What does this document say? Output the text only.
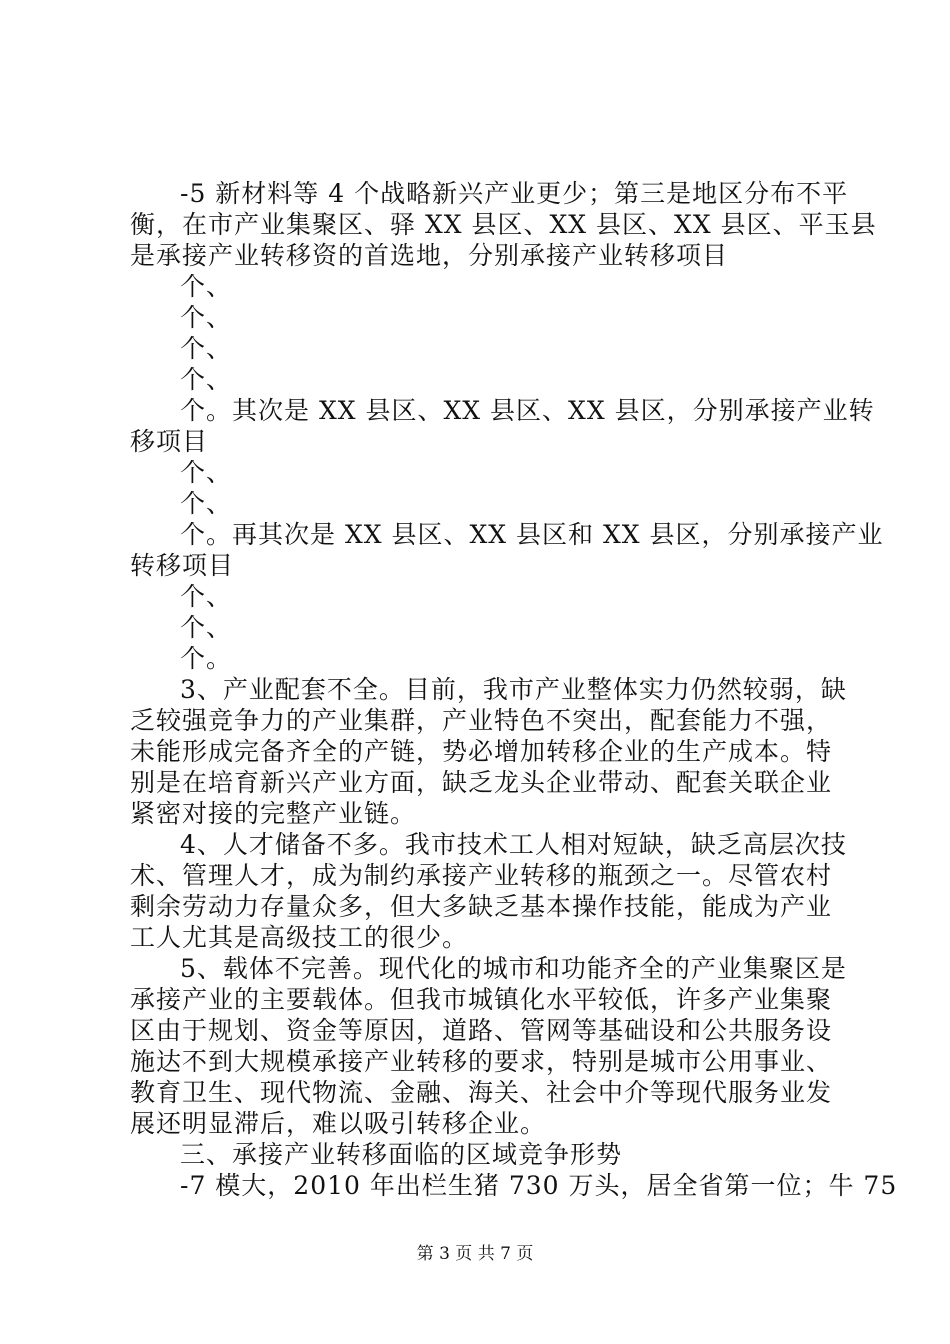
-5 新材料等 4 个战略新兴产业更少；第三是地区分布不平
衡，在市产业集聚区、驿 XX 县区、XX 县区、XX 县区、平玉县
是承接产业转移资的首选地，分别承接产业转移项目
个、
个、
个、
个、
个。其次是 XX 县区、XX 县区、XX 县区，分别承接产业转
移项目
个、
个、
个。再其次是 XX 县区、XX 县区和 XX 县区，分别承接产业
转移项目
个、
个、
个。
3、产业配套不全。目前，我市产业整体实力仍然较弱，缺
乏较强竞争力的产业集群，产业特色不突出，配套能力不强，
未能形成完备齐全的产链，势必增加转移企业的生产成本。特
别是在培育新兴产业方面，缺乏龙头企业带动、配套关联企业
紧密对接的完整产业链。
4、人才储备不多。我市技术工人相对短缺，缺乏高层次技
术、管理人才，成为制约承接产业转移的瓶颈之一。尽管农村
剩余劳动力存量众多，但大多缺乏基本操作技能，能成为产业
工人尤其是高级技工的很少。
5、载体不完善。现代化的城市和功能齐全的产业集聚区是
承接产业的主要载体。但我市城镇化水平较低，许多产业集聚
区由于规划、资金等原因，道路、管网等基础设和公共服务设
施达不到大规模承接产业转移的要求，特别是城市公用事业、
教育卫生、现代物流、金融、海关、社会中介等现代服务业发
展还明显滞后，难以吸引转移企业。
三、承接产业转移面临的区域竞争形势
-7 模大，2010 年出栏生猪 730 万头，居全省第一位；牛 75
第 3 页 共 7 页
